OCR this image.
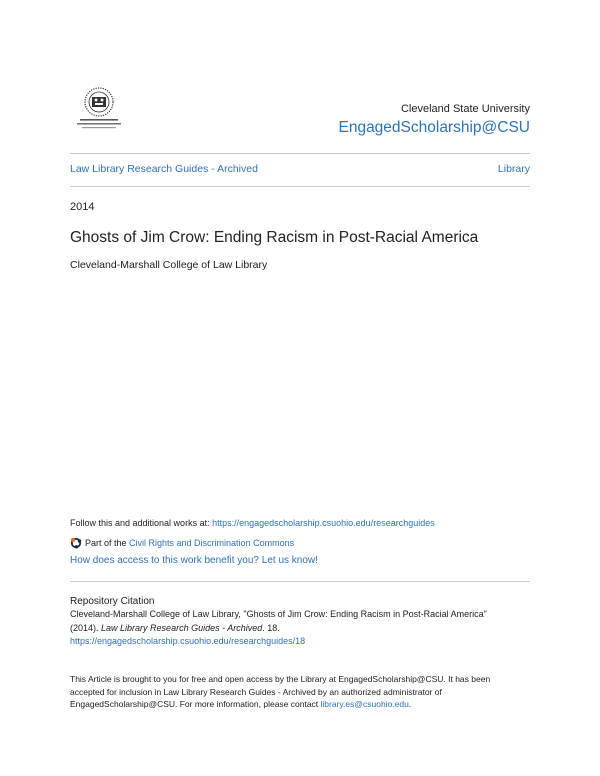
Cleveland State University
EngagedScholarship@CSU
Law Library Research Guides - Archived	Library
2014
Ghosts of Jim Crow: Ending Racism in Post-Racial America
Cleveland-Marshall College of Law Library
Follow this and additional works at: https://engagedscholarship.csuohio.edu/researchguides
Part of the Civil Rights and Discrimination Commons
How does access to this work benefit you? Let us know!
Repository Citation
Cleveland-Marshall College of Law Library, "Ghosts of Jim Crow: Ending Racism in Post-Racial America"
(2014). Law Library Research Guides - Archived. 18.
https://engagedscholarship.csuohio.edu/researchguides/18
This Article is brought to you for free and open access by the Library at EngagedScholarship@CSU. It has been
accepted for inclusion in Law Library Research Guides - Archived by an authorized administrator of
EngagedScholarship@CSU. For more information, please contact library.es@csuohio.edu.
